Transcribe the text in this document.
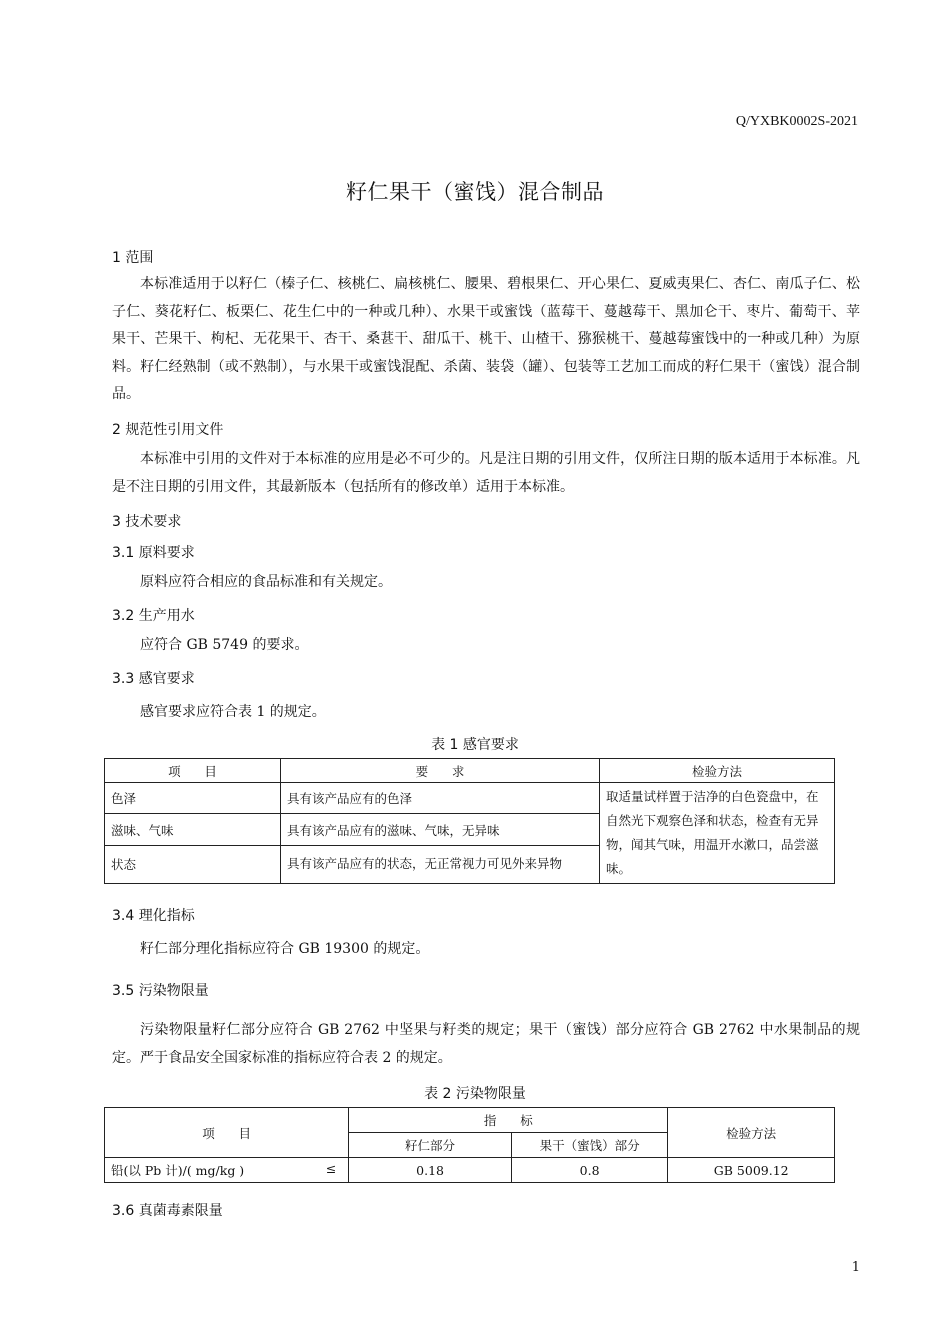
Q/YXBK0002S-2021
籽仁果干（蜜饯）混合制品
1 范围
本标准适用于以籽仁（榛子仁、核桃仁、扁核桃仁、腰果、碧根果仁、开心果仁、夏威夷果仁、杏仁、南瓜子仁、松子仁、葵花籽仁、板栗仁、花生仁中的一种或几种）、水果干或蜜饯（蓝莓干、蔓越莓干、黑加仑干、枣片、葡萄干、苹果干、芒果干、枸杞、无花果干、杏干、桑葚干、甜瓜干、桃干、山楂干、猕猴桃干、蔓越莓蜜饯中的一种或几种）为原料。籽仁经熟制（或不熟制），与水果干或蜜饯混配、杀菌、装袋（罐）、包装等工艺加工而成的籽仁果干（蜜饯）混合制品。
2 规范性引用文件
本标准中引用的文件对于本标准的应用是必不可少的。凡是注日期的引用文件，仅所注日期的版本适用于本标准。凡是不注日期的引用文件，其最新版本（包括所有的修改单）适用于本标准。
3 技术要求
3.1 原料要求
原料应符合相应的食品标准和有关规定。
3.2 生产用水
应符合 GB 5749 的要求。
3.3 感官要求
感官要求应符合表 1 的规定。
表 1 感官要求
项      目	要      求	检验方法
色泽	具有该产品应有的色泽	取适量试样置于洁净的白色瓷盘中，在自然光下观察色泽和状态，检查有无异物，闻其气味，用温开水漱口，品尝滋味。
滋味、气味	具有该产品应有的滋味、气味，无异味	
状态	具有该产品应有的状态，无正常视力可见外来异物	
3.4 理化指标
籽仁部分理化指标应符合 GB 19300 的规定。
3.5 污染物限量
污染物限量籽仁部分应符合 GB 2762 中坚果与籽类的规定；果干（蜜饯）部分应符合 GB 2762 中水果制品的规定。严于食品安全国家标准的指标应符合表 2 的规定。
表 2 污染物限量
项      目	指      标		检验方法
	籽仁部分	果干（蜜饯）部分	
铅(以 Pb 计)/( mg/kg ) ≤	0.18	0.8	GB 5009.12
3.6 真菌毒素限量
1
